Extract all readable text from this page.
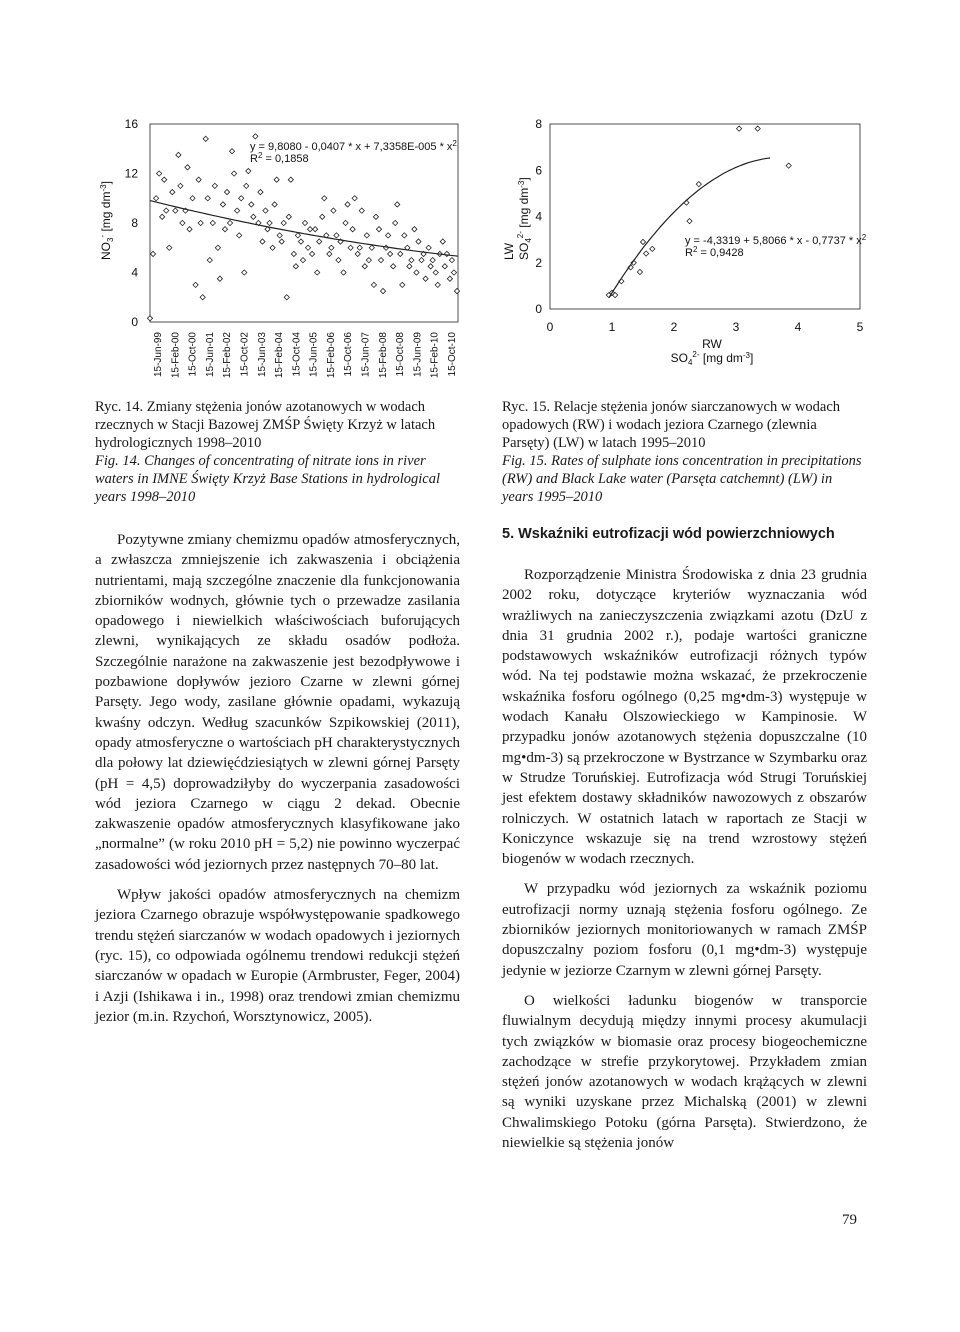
0
4
8
12
16
15-Jun-99 15-Feb-00 15-Oct-00 15-Jun-01 15-Feb-02 15-Oct-02 15-Jun-03 15-Feb-04 15-Oct-04 15-Jun-05 15-Feb-06 15-Oct-06 15-Jun-07 15-Feb-08 15-Oct-08 15-Jun-09 15-Feb-10 15-Oct-10
$y = 9,8080 - 0,0407 * x + 7,3358E-005 * x^2$
$R^2 = 0,1858$
$NO_3^-$ [mg $dm^{-3}$]
0
2
4
6
8
0	1	2	3	4	5
$y = -4,3319 + 5,8066 * x - 0,7737 * x^2$
$R^2 = 0,9428$
LW $SO_4^{2-}$ [mg $dm^{-3}$]
RW
$SO_4^{2-}$ [mg $dm^{-3}$]

Ryc. 14. Zmiany stężenia jonów azotanowych w wodach rzecznych w Stacji Bazowej ZMŚP Święty Krzyż w latach hydrologicznych 1998–2010

Fig. 14. Changes of concentrating of nitrate ions in river waters in IMNE Święty Krzyż Base Stations in hydrological years 1998–2010

Ryc. 15. Relacje stężenia jonów siarczanowych w wodach opadowych (RW) i wodach jeziora Czarnego (zlewnia Parsęty) (LW) w latach 1995–2010

Fig. 15. Rates of sulphate ions concentration in precipitations (RW) and Black Lake water (Parsęta catchemnt) (LW) in years 1995–2010

Pozytywne zmiany chemizmu opadów atmosferycznych, a zwłaszcza zmniejszenie ich zakwaszenia i obciążenia nutrientami, mają szczególne znaczenie dla funkcjonowania zbiorników wodnych, głównie tych o przewadze zasilania opadowego i niewielkich właściwościach buforujących zlewni, wynikających ze składu osadów podłoża. Szczególnie narażone na zakwaszenie jest bezodpływowe i pozbawione dopływów jezioro Czarne w zlewni górnej Parsęty. Jego wody, zasilane głównie opadami, wykazują kwaśny odczyn. Według szacunków Szpikowskiej (2011), opady atmosferyczne o wartościach pH charakterystycznych dla połowy lat dziewięćdziesiątych w zlewni górnej Parsęty (pH = 4,5) doprowadziłyby do wyczerpania zasadowości wód jeziora Czarnego w ciągu 2 dekad. Obecnie zakwaszenie opadów atmosferycznych klasyfikowane jako „normalne” (w roku 2010 pH = 5,2) nie powinno wyczerpać zasadowości wód jeziornych przez następnych 70–80 lat.

Wpływ jakości opadów atmosferycznych na chemizm jeziora Czarnego obrazuje współwystępowanie spadkowego trendu stężeń siarczanów w wodach opadowych i jeziornych (ryc. 15), co odpowiada ogólnemu trendowi redukcji stężeń siarczanów w opadach w Europie (Armbruster, Feger, 2004) i Azji (Ishikawa i in., 1998) oraz trendowi zmian chemizmu jezior (m.in. Rzychoń, Worsztynowicz, 2005).

5. Wskaźniki eutrofizacji wód powierzchniowych

Rozporządzenie Ministra Środowiska z dnia 23 grudnia 2002 roku, dotyczące kryteriów wyznaczania wód wrażliwych na zanieczyszczenia związkami azotu (DzU z dnia 31 grudnia 2002 r.), podaje wartości graniczne podstawowych wskaźników eutrofizacji różnych typów wód. Na tej podstawie można wskazać, że przekroczenie wskaźnika fosforu ogólnego (0,25 mg•dm-3) występuje w wodach Kanału Olszowieckiego w Kampinosie. W przypadku jonów azotanowych stężenia dopuszczalne (10 mg•dm-3) są przekroczone w Bystrzance w Szymbarku oraz w Strudze Toruńskiej. Eutrofizacja wód Strugi Toruńskiej jest efektem dostawy składników nawozowych z obszarów rolniczych. W ostatnich latach w raportach ze Stacji w Koniczynce wskazuje się na trend wzrostowy stężeń biogenów w wodach rzecznych.

W przypadku wód jeziornych za wskaźnik poziomu eutrofizacji normy uznają stężenia fosforu ogólnego. Ze zbiorników jeziornych monitoriowanych w ramach ZMŚP dopuszczalny poziom fosforu (0,1 mg•dm-3) występuje jedynie w jeziorze Czarnym w zlewni górnej Parsęty.

O wielkości ładunku biogenów w transporcie fluwialnym decydują między innymi procesy akumulacji tych związków w biomasie oraz procesy biogeochemiczne zachodzące w strefie przykorytowej. Przykładem zmian stężeń jonów azotanowych w wodach krążących w zlewni są wyniki uzyskane przez Michalską (2001) w zlewni Chwalimskiego Potoku (górna Parsęta). Stwierdzono, że niewielkie są stężenia jonów

79
